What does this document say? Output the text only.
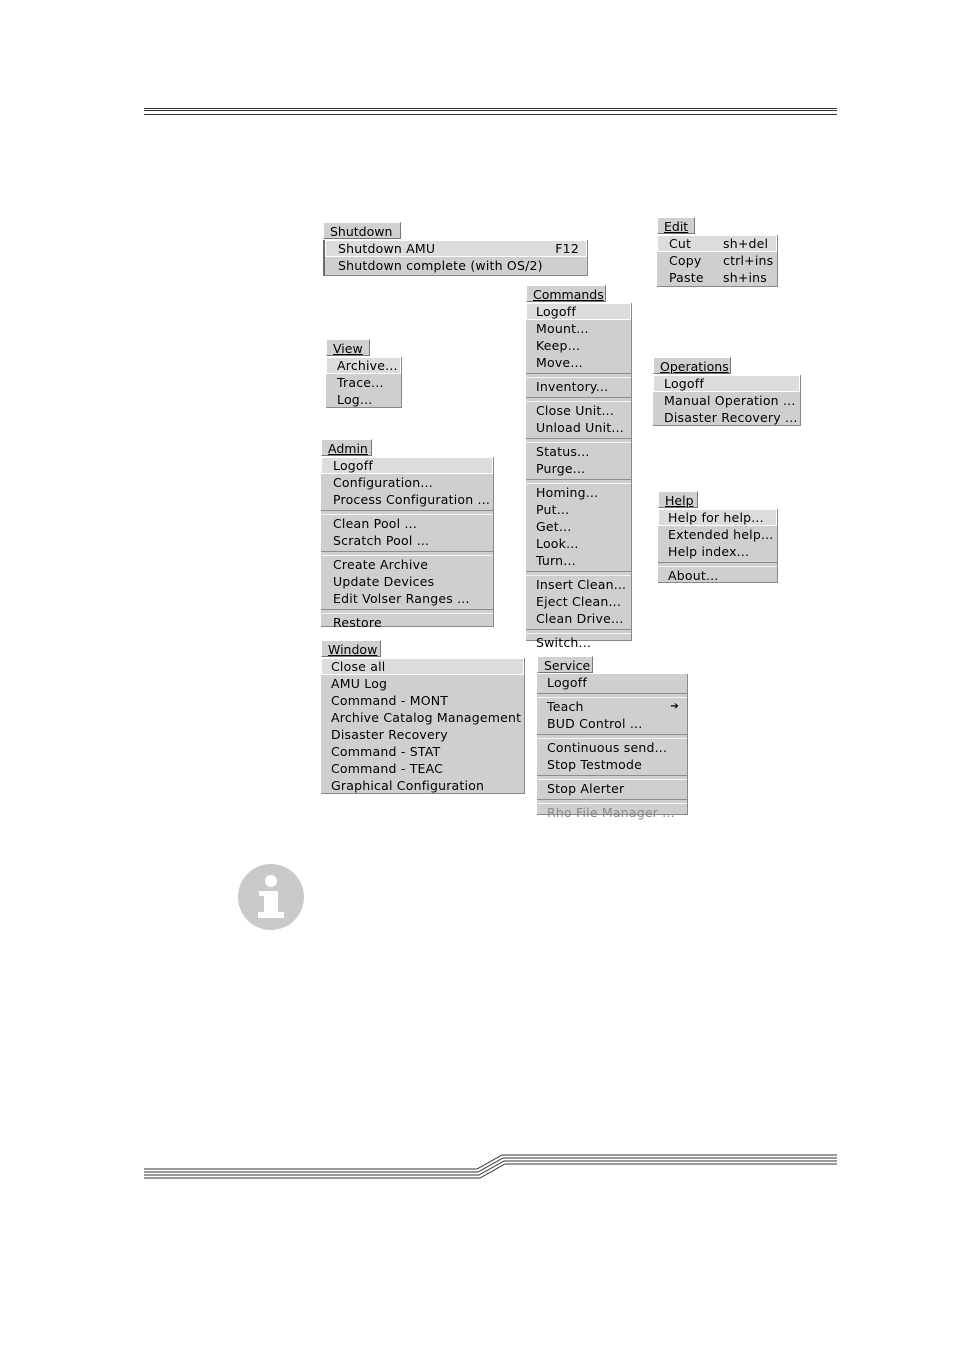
Shutdown
Shutdown AMU	F12
Shutdown complete (with OS/2)
Edit
Cut	sh+del
Copy ctrl+ins
Paste sh+ins
Commands
Logoff
Mount...
Keep...
Move...
Inventory...
Close Unit...
Unload Unit...
Status...
Purge...
Homing...
Put...
Get...
Look...
Turn...
Insert Clean...
Eject Clean...
Clean Drive...
Switch...
View
Archive...
Trace...
Log...
Operations
Logoff
Manual Operation ...
Disaster Recovery ...
Admin
Logoff
Configuration...
Process Configuration ...
Clean Pool ...
Scratch Pool ...
Create Archive
Update Devices
Edit Volser Ranges ...
Restore
Help
Help for help...
Extended help...
Help index...
About...
Window
Close all
AMU Log
Command - MONT
Archive Catalog Management
Disaster Recovery
Command - STAT
Command - TEAC
Graphical Configuration
Service
Logoff
Teach	➔
BUD Control ...
Continuous send...
Stop Testmode
Stop Alerter
Rho File Manager ...
